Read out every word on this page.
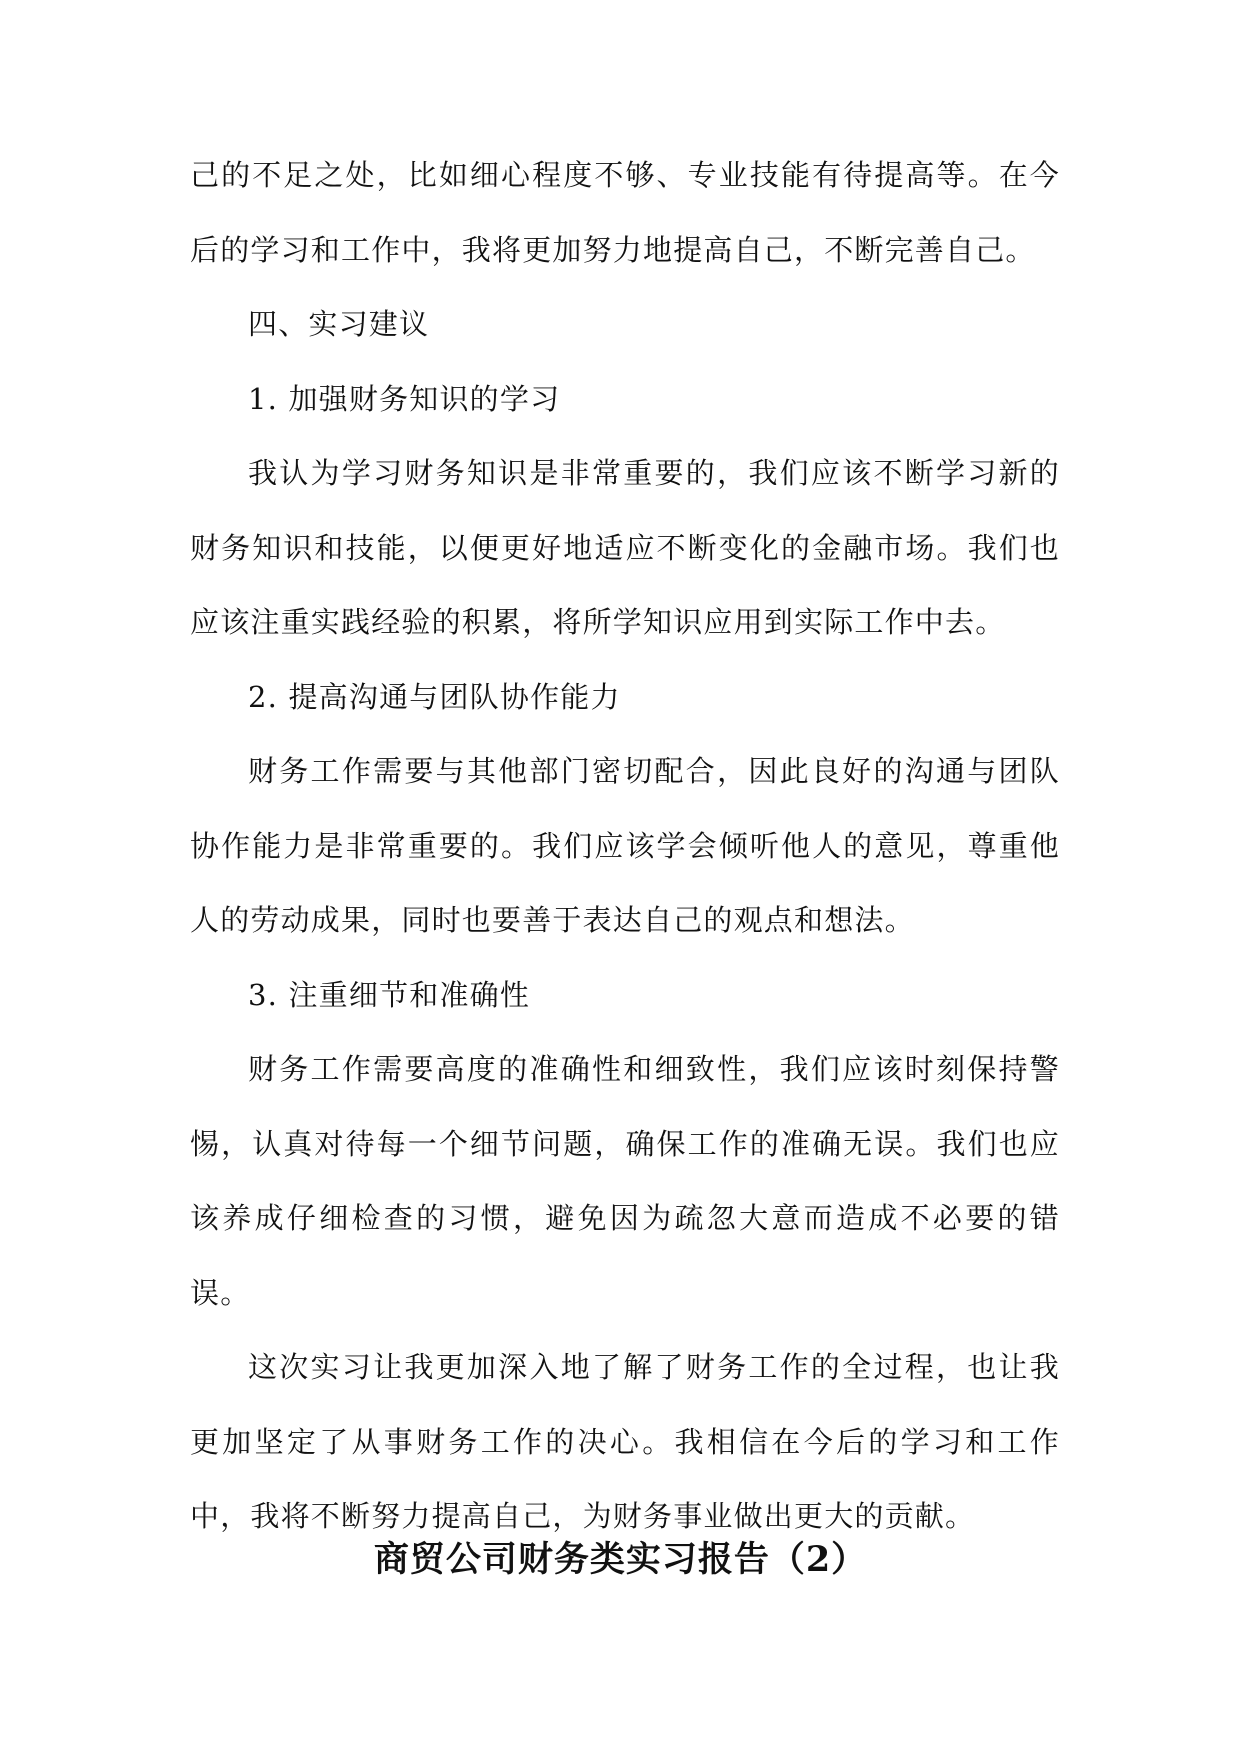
己的不足之处，比如细心程度不够、专业技能有待提高等。在今后的学习和工作中，我将更加努力地提高自己，不断完善自己。

四、实习建议

1. 加强财务知识的学习

我认为学习财务知识是非常重要的，我们应该不断学习新的财务知识和技能，以便更好地适应不断变化的金融市场。我们也应该注重实践经验的积累，将所学知识应用到实际工作中去。

2. 提高沟通与团队协作能力

财务工作需要与其他部门密切配合，因此良好的沟通与团队协作能力是非常重要的。我们应该学会倾听他人的意见，尊重他人的劳动成果，同时也要善于表达自己的观点和想法。

3. 注重细节和准确性

财务工作需要高度的准确性和细致性，我们应该时刻保持警惕，认真对待每一个细节问题，确保工作的准确无误。我们也应该养成仔细检查的习惯，避免因为疏忽大意而造成不必要的错误。

这次实习让我更加深入地了解了财务工作的全过程，也让我更加坚定了从事财务工作的决心。我相信在今后的学习和工作中，我将不断努力提高自己，为财务事业做出更大的贡献。

商贸公司财务类实习报告（2）
